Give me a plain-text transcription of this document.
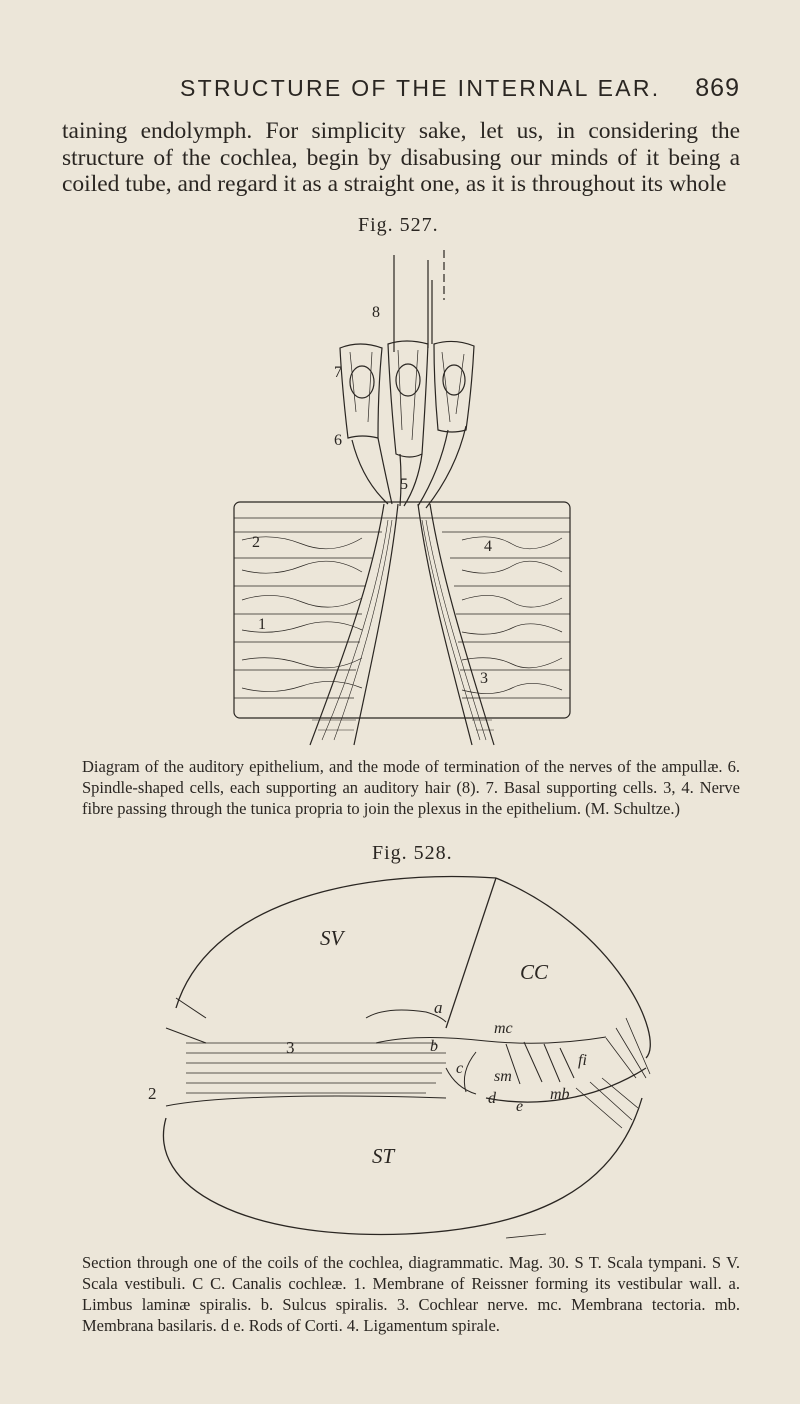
STRUCTURE OF THE INTERNAL EAR. 869
taining endolymph. For simplicity sake, let us, in considering the structure of the cochlea, begin by disabusing our minds of it being a coiled tube, and regard it as a straight one, as it is throughout its whole
Fig. 527.
8
7
6
5
2	4
1
3
Diagram of the auditory epithelium, and the mode of termination of the nerves of the ampullæ. 6. Spindle-shaped cells, each supporting an auditory hair (8). 7. Basal supporting cells. 3, 4. Nerve fibre passing through the tunica propria to join the plexus in the epithelium. (M. Schultze.)
Fig. 528.
SV
CC
a
mc
3	b
c	fi
sm
d e
mb
2
ST
Section through one of the coils of the cochlea, diagrammatic. Mag. 30. S T. Scala tympani. S V. Scala vestibuli. C C. Canalis cochleæ. 1. Membrane of Reissner forming its vestibular wall. a. Limbus laminæ spiralis. b. Sulcus spiralis. 3. Cochlear nerve. mc. Membrana tectoria. mb. Membrana basilaris. d e. Rods of Corti. 4. Ligamentum spirale.
